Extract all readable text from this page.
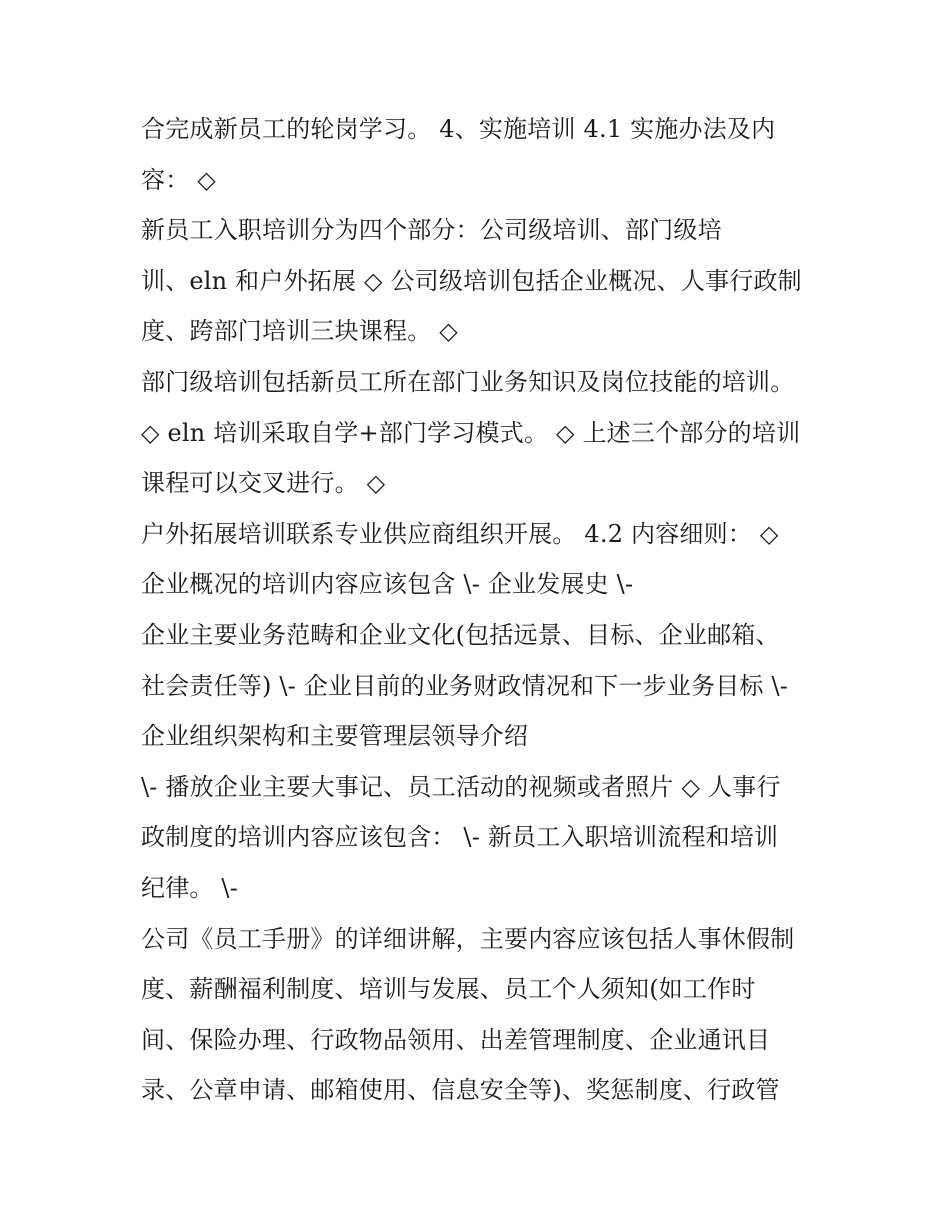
合完成新员工的轮岗学习。 4、实施培训 4.1 实施办法及内
容： ◇
新员工入职培训分为四个部分：公司级培训、部门级培
训、eln 和户外拓展 ◇ 公司级培训包括企业概况、人事行政制
度、跨部门培训三块课程。 ◇
部门级培训包括新员工所在部门业务知识及岗位技能的培训。
◇ eln 培训采取自学+部门学习模式。 ◇ 上述三个部分的培训
课程可以交叉进行。 ◇
户外拓展培训联系专业供应商组织开展。 4.2 内容细则： ◇
企业概况的培训内容应该包含 \- 企业发展史 \-
企业主要业务范畴和企业文化(包括远景、目标、企业邮箱、
社会责任等) \- 企业目前的业务财政情况和下一步业务目标 \-
企业组织架构和主要管理层领导介绍
\- 播放企业主要大事记、员工活动的视频或者照片 ◇ 人事行
政制度的培训内容应该包含： \- 新员工入职培训流程和培训
纪律。 \-
公司《员工手册》的详细讲解，主要内容应该包括人事休假制
度、薪酬福利制度、培训与发展、员工个人须知(如工作时
间、保险办理、行政物品领用、出差管理制度、企业通讯目
录、公章申请、邮箱使用、信息安全等)、奖惩制度、行政管
